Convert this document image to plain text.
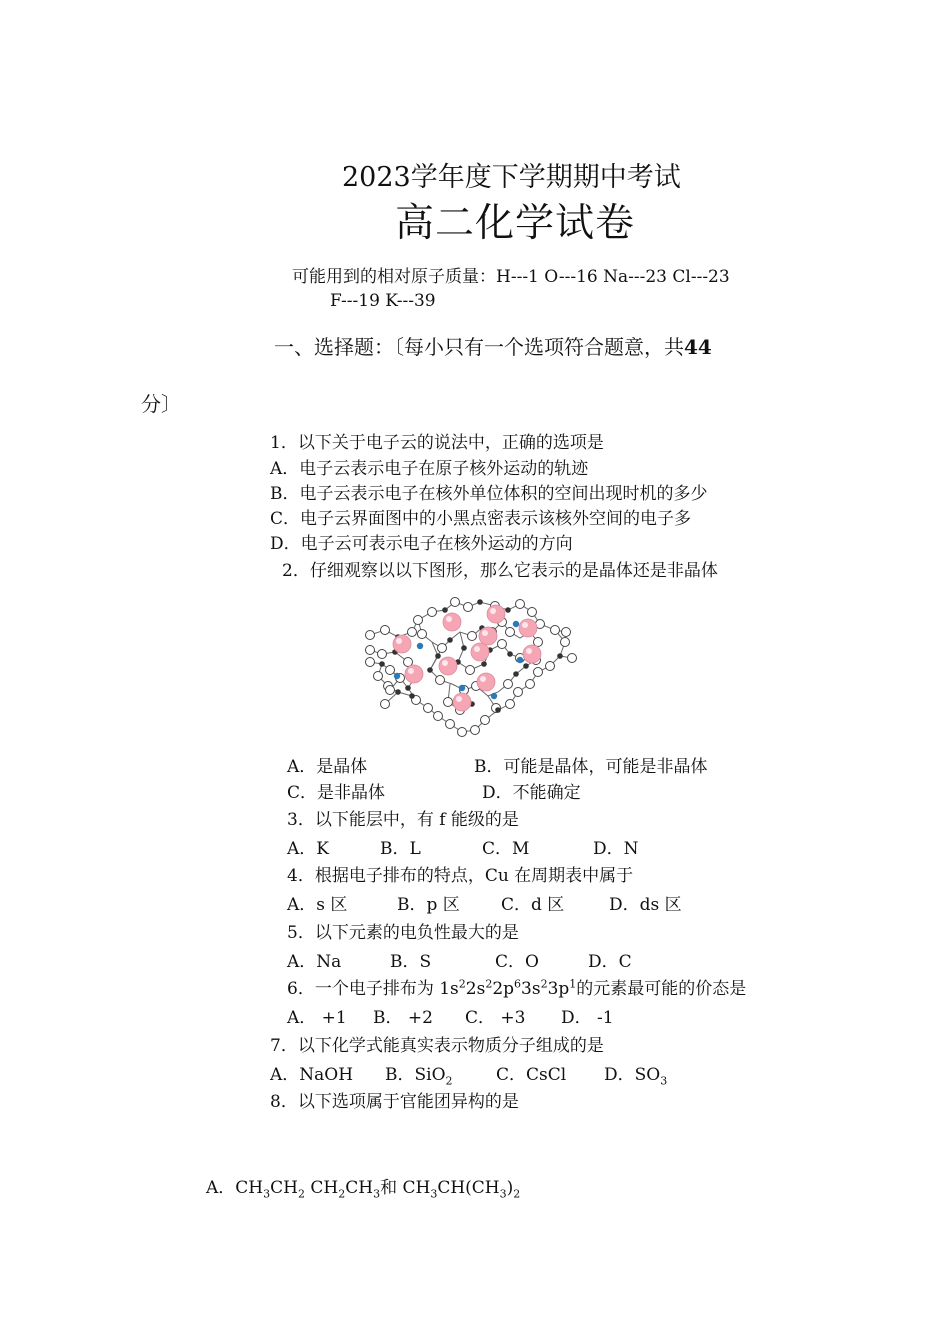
2023学年度下学期期中考试
高二化学试卷
可能用到的相对原子质量：H---1 O---16 Na---23 Cl---23
F---19 K---39
一、选择题：〔每小只有一个选项符合题意，共44
分〕
1．以下关于电子云的说法中，正确的选项是
A．电子云表示电子在原子核外运动的轨迹
B．电子云表示电子在核外单位体积的空间出现时机的多少
C．电子云界面图中的小黑点密表示该核外空间的电子多
D．电子云可表示电子在核外运动的方向
2．仔细观察以以下图形，那么它表示的是晶体还是非晶体
A．是晶体	B．可能是晶体，可能是非晶体
C．是非晶体	D．不能确定
3．以下能层中，有 f 能级的是
A．K	B．L	C．M	D．N
4．根据电子排布的特点，Cu 在周期表中属于
A．s 区	B．p 区 C．d 区	D．ds 区
5．以下元素的电负性最大的是
A．Na	B．S	C．O	D．C
6．一个电子排布为 $1s^22s^22p^63s^23p^1$的元素最可能的价态是
A． +1 B． +2 C． +3 D． -1
7．以下化学式能真实表示物质分子组成的是
A．NaOH B．SiO$_2$	C．CsCl D．$SO_3$
8．以下选项属于官能团异构的是
A．$CH_3CH_2$ $CH_2CH_3$和 $CH_3CH(CH_3)_2$
